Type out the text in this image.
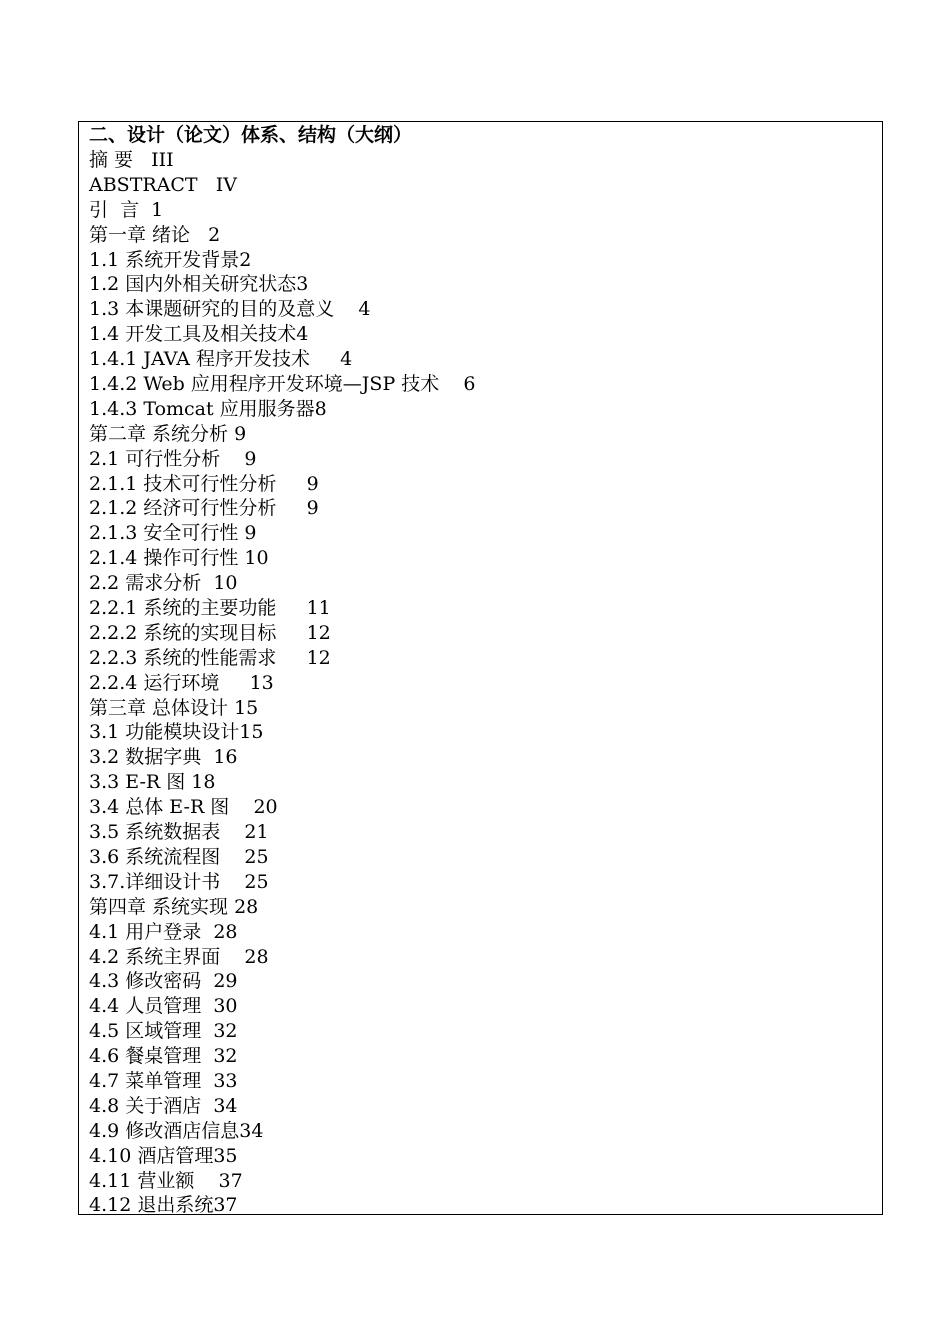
二、设计（论文）体系、结构（大纲）
摘 要   III
ABSTRACT   IV
引  言  1
第一章 绪论   2
1.1 系统开发背景2
1.2 国内外相关研究状态3
1.3 本课题研究的目的及意义    4
1.4 开发工具及相关技术4
1.4.1 JAVA 程序开发技术     4
1.4.2 Web 应用程序开发环境—JSP 技术    6
1.4.3 Tomcat 应用服务器8
第二章 系统分析 9
2.1 可行性分析    9
2.1.1 技术可行性分析     9
2.1.2 经济可行性分析     9
2.1.3 安全可行性 9
2.1.4 操作可行性 10
2.2 需求分析  10
2.2.1 系统的主要功能     11
2.2.2 系统的实现目标     12
2.2.3 系统的性能需求     12
2.2.4 运行环境     13
第三章 总体设计 15
3.1 功能模块设计15
3.2 数据字典  16
3.3 E-R 图 18
3.4 总体 E-R 图    20
3.5 系统数据表    21
3.6 系统流程图    25
3.7.详细设计书    25
第四章 系统实现 28
4.1 用户登录  28
4.2 系统主界面    28
4.3 修改密码  29
4.4 人员管理  30
4.5 区域管理  32
4.6 餐桌管理  32
4.7 菜单管理  33
4.8 关于酒店  34
4.9 修改酒店信息34
4.10 酒店管理35
4.11 营业额    37
4.12 退出系统37
